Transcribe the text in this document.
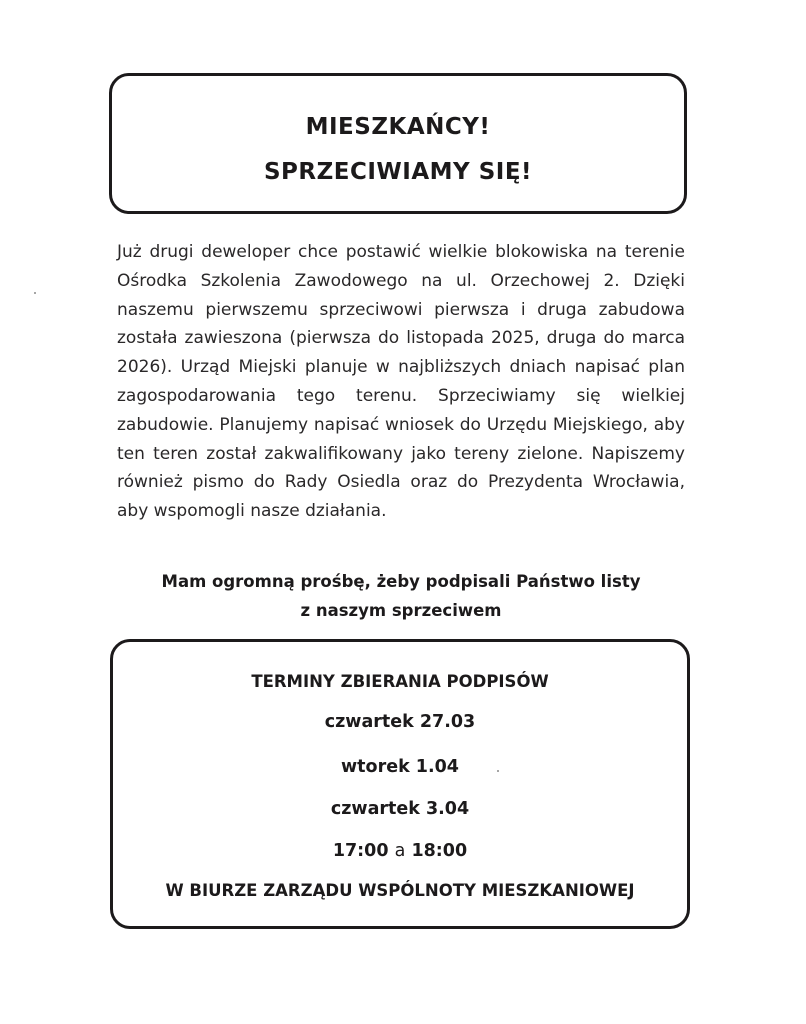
MIESZKAŃCY!
SPRZECIWIAMY SIĘ!
Już drugi deweloper chce postawić wielkie blokowiska na terenie Ośrodka Szkolenia Zawodowego na ul. Orzechowej 2. Dzięki naszemu pierwszemu sprzeciwowi pierwsza i druga zabudowa została zawieszona (pierwsza do listopada 2025, druga do marca 2026). Urząd Miejski planuje w najbliższych dniach napisać plan zagospodarowania tego terenu. Sprzeciwiamy się wielkiej zabudowie. Planujemy napisać wniosek do Urzędu Miejskiego, aby ten teren został zakwalifikowany jako tereny zielone. Napiszemy również pismo do Rady Osiedla oraz do Prezydenta Wrocławia, aby wspomogli nasze działania.
Mam ogromną prośbę, żeby podpisali Państwo listy
z naszym sprzeciwem
TERMINY ZBIERANIA PODPISÓW
czwartek 27.03
wtorek 1.04
czwartek 3.04
17:00 a 18:00
W BIURZE ZARZĄDU WSPÓLNOTY MIESZKANIOWEJ
